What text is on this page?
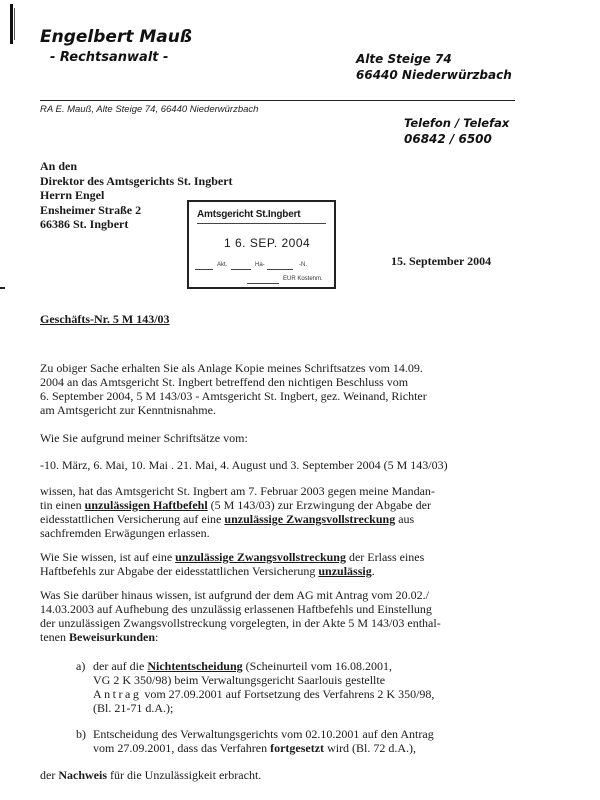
Engelbert Mauß
- Rechtsanwalt -	Alte Steige 74
66440 Niederwürzbach
RA E. Mauß, Alte Steige 74, 66440 Niederwürzbach
Telefon / Telefax
06842 / 6500
An den
Direktor des Amtsgerichts St. Ingbert
Herrn Engel
Ensheimer Straße 2
66386 St. Ingbert
Amtsgericht St.Ingbert
1 6. SEP. 2004
Akt.	Ha-	-N.
EUR Kostenm.
15. September 2004
Geschäfts-Nr. 5 M 143/03
Zu obiger Sache erhalten Sie als Anlage Kopie meines Schriftsatzes vom 14.09.
2004 an das Amtsgericht St. Ingbert betreffend den nichtigen Beschluss vom
6. September 2004, 5 M 143/03 - Amtsgericht St. Ingbert, gez. Weinand, Richter
am Amtsgericht zur Kenntnisnahme.
Wie Sie aufgrund meiner Schriftsätze vom:
-10. März, 6. Mai, 10. Mai . 21. Mai, 4. August und 3. September 2004 (5 M 143/03)
wissen, hat das Amtsgericht St. Ingbert am 7. Februar 2003 gegen meine Mandan-
tin einen unzulässigen Haftbefehl (5 M 143/03) zur Erzwingung der Abgabe der
eidesstattlichen Versicherung auf eine unzulässige Zwangsvollstreckung aus
sachfremden Erwägungen erlassen.
Wie Sie wissen, ist auf eine unzulässige Zwangsvollstreckung der Erlass eines
Haftbefehls zur Abgabe der eidesstattlichen Versicherung unzulässig.
Was Sie darüber hinaus wissen, ist aufgrund der dem AG mit Antrag vom 20.02./
14.03.2003 auf Aufhebung des unzulässig erlassenen Haftbefehls und Einstellung
der unzulässigen Zwangsvollstreckung vorgelegten, in der Akte 5 M 143/03 enthal-
tenen Beweisurkunden:
a) der auf die Nichtentscheidung (Scheinurteil vom 16.08.2001,
VG 2 K 350/98) beim Verwaltungsgericht Saarlouis gestellte
Antrag vom 27.09.2001 auf Fortsetzung des Verfahrens 2 K 350/98,
(Bl. 21-71 d.A.);
b) Entscheidung des Verwaltungsgerichts vom 02.10.2001 auf den Antrag
vom 27.09.2001, dass das Verfahren fortgesetzt wird (Bl. 72 d.A.),
der Nachweis für die Unzulässigkeit erbracht.
